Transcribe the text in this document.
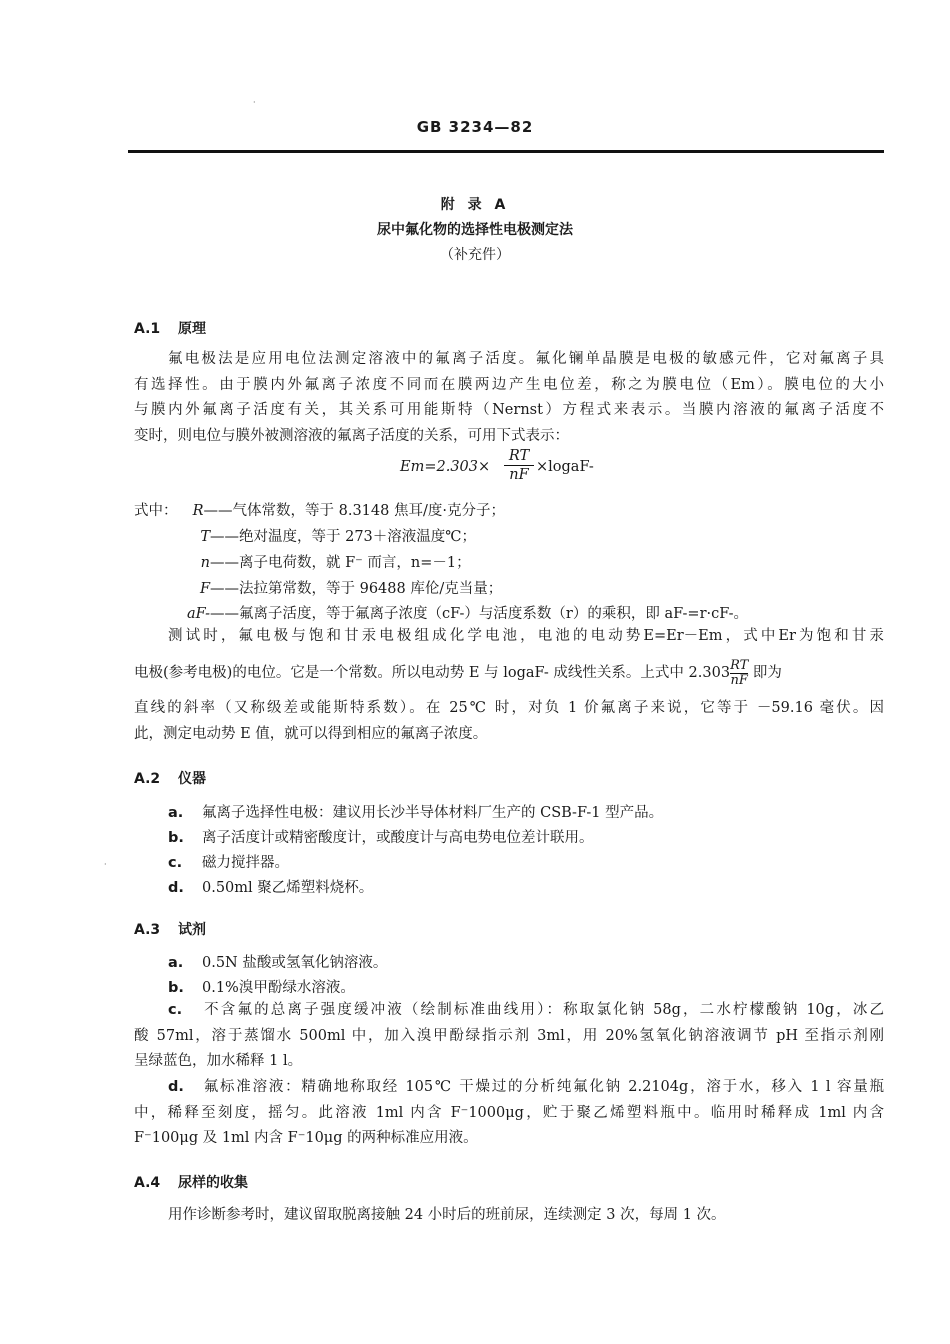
·
·
GB 3234—82
附 录 A
尿中氟化物的选择性电极测定法
（补充件）
A.1 原理
氟电极法是应用电位法测定溶液中的氟离子活度。氟化镧单晶膜是电极的敏感元件，它对氟离子具
有选择性。由于膜内外氟离子浓度不同而在膜两边产生电位差，称之为膜电位（Em）。膜电位的大小
与膜内外氟离子活度有关，其关系可用能斯特（Nernst）方程式来表示。当膜内溶液的氟离子活度不
变时，则电位与膜外被测溶液的氟离子活度的关系，可用下式表示：
Em=2.303×
RT
nF ×logaF-
式中： R——气体常数，等于 8.3148 焦耳/度·克分子；
T——绝对温度，等于 273＋溶液温度℃；
n——离子电荷数，就 F⁻ 而言，n=－1；
F——法拉第常数，等于 96488 库伦/克当量；
aF-——氟离子活度，等于氟离子浓度（cF-）与活度系数（r）的乘积，即 aF-=r·cF-。
测试时，氟电极与饱和甘汞电极组成化学电池，电池的电动势E=Er－Em，式中Er为饱和甘汞
电极(参考电极)的电位。它是一个常数。所以电动势 E 与 logaF- 成线性关系。上式中 $2.303\frac{RT}{nF}$ 即为
直线的斜率（又称级差或能斯特系数）。在 25℃ 时，对负 1 价氟离子来说，它等于 －59.16 毫伏。因
此，测定电动势 E 值，就可以得到相应的氟离子浓度。
A.2 仪器
a. 氟离子选择性电极：建议用长沙半导体材料厂生产的 CSB-F-1 型产品。
b. 离子活度计或精密酸度计，或酸度计与高电势电位差计联用。
c. 磁力搅拌器。
d. 0.50ml 聚乙烯塑料烧杯。
A.3 试剂
a. 0.5N 盐酸或氢氧化钠溶液。
b. 0.1%溴甲酚绿水溶液。
c. 不含氟的总离子强度缓冲液（绘制标准曲线用）：称取氯化钠 58g，二水柠檬酸钠 10g，冰乙
酸 57ml，溶于蒸馏水 500ml 中，加入溴甲酚绿指示剂 3ml，用 20%氢氧化钠溶液调节 pH 至指示剂刚
呈绿蓝色，加水稀释 1 l。
d. 氟标准溶液：精确地称取经 105℃ 干燥过的分析纯氟化钠 2.2104g，溶于水，移入 1 l 容量瓶
中，稀释至刻度，摇匀。此溶液 1ml 内含 F⁻1000μg，贮于聚乙烯塑料瓶中。临用时稀释成 1ml 内含
F⁻100μg 及 1ml 内含 F⁻10μg 的两种标准应用液。
A.4 尿样的收集
用作诊断参考时，建议留取脱离接触 24 小时后的班前尿，连续测定 3 次，每周 1 次。
